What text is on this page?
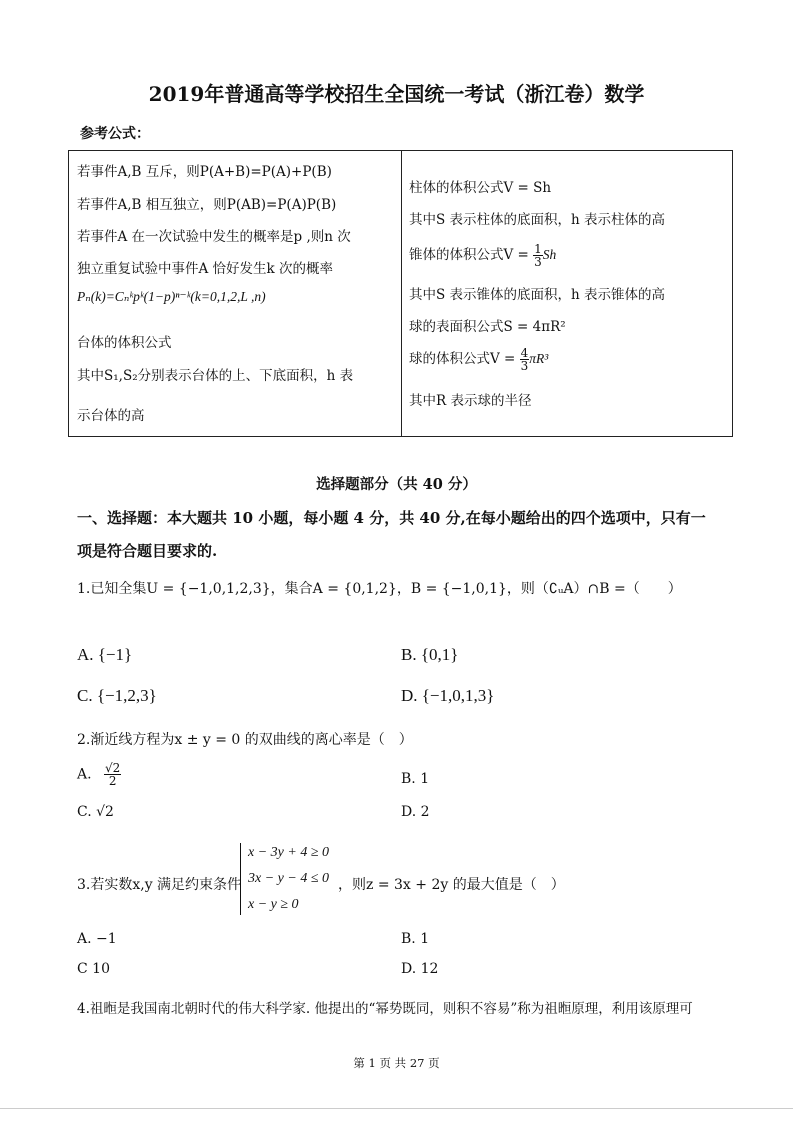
2019年普通高等学校招生全国统一考试（浙江卷）数学
参考公式：
若事件A,B 互斥，则P(A+B)=P(A)+P(B)
若事件A,B 相互独立，则P(AB)=P(A)P(B)
若事件A 在一次试验中发生的概率是p ,则n 次
独立重复试验中事件A 恰好发生k 次的概率
Pₙ(k)=Cₙᵏpᵏ(1−p)ⁿ⁻ᵏ(k=0,1,2,L ,n)
台体的体积公式
其中S₁,S₂分别表示台体的上、下底面积，h 表
示台体的高
柱体的体积公式V = Sh
其中S 表示柱体的底面积，h 表示柱体的高
锥体的体积公式$V = \frac{1}{3}$ Sh
其中S 表示锥体的底面积，h 表示锥体的高
球的表面积公式S = 4πR²
球的体积公式$V = \frac{4}{3} \pi R^3$
其中R 表示球的半径
选择题部分（共 40 分）
一、选择题：本大题共 10 小题，每小题 4 分，共 40 分,在每小题给出的四个选项中，只有一
项是符合题目要求的.
1.已知全集U = {−1,0,1,2,3}，集合A = {0,1,2}，B = {−1,0,1}，则（∁ᵤA）∩B =（　　）
A. {−1}	B. {0,1}
C. {−1,2,3}	D. {−1,0,1,3}
2.渐近线方程为x ± y = 0 的双曲线的离心率是（　）
A. $\frac{√2}{2}$	B. 1
C. √2	D. 2
3.若实数x,y 满足约束条件
x − 3y + 4 ≥ 0
3x − y − 4 ≤ 0
x − y ≥ 0
，则z = 3x + 2y 的最大值是（　）
A. −1	B. 1
C 10	D. 12
4.祖暅是我国南北朝时代的伟大科学家. 他提出的“幂势既同，则积不容易”称为祖暅原理，利用该原理可
第 1 页 共 27 页
